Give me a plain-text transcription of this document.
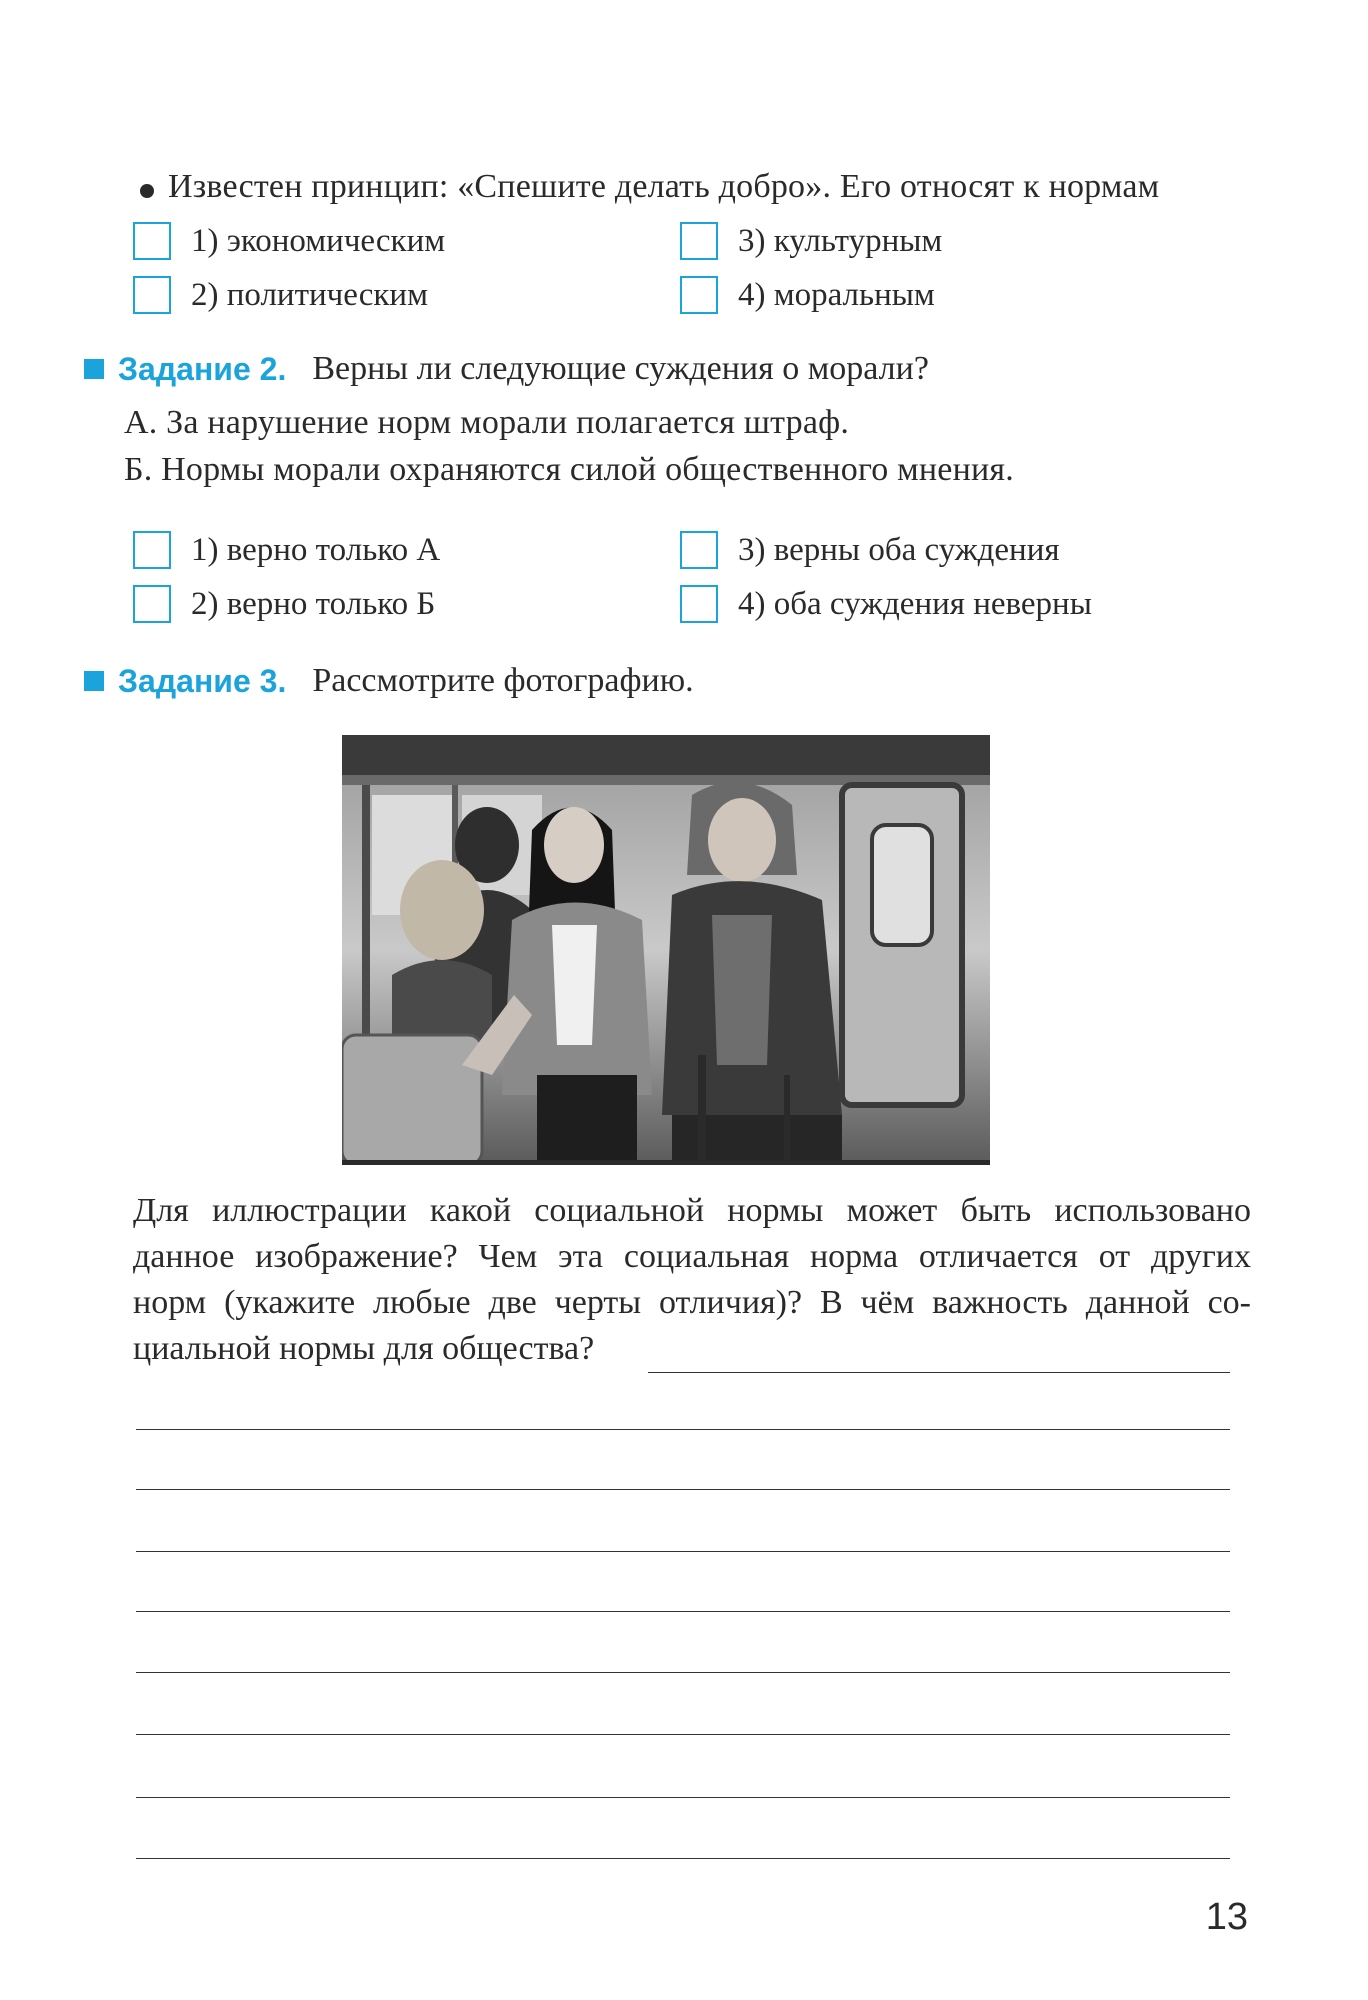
Известен принцип: «Спешите делать добро». Его относят к нормам
1) экономическим
2) политическим
3) культурным
4) моральным
Задание 2. Верны ли следующие суждения о морали?
А. За нарушение норм морали полагается штраф.
Б. Нормы морали охраняются силой общественного мнения.
1) верно только А
2) верно только Б
3) верны оба суждения
4) оба суждения неверны
Задание 3. Рассмотрите фотографию.
Для иллюстрации какой социальной нормы может быть использовано
данное изображение? Чем эта социальная норма отличается от других
норм (укажите любые две черты отличия)? В чём важность данной со-
циальной нормы для общества?
13
